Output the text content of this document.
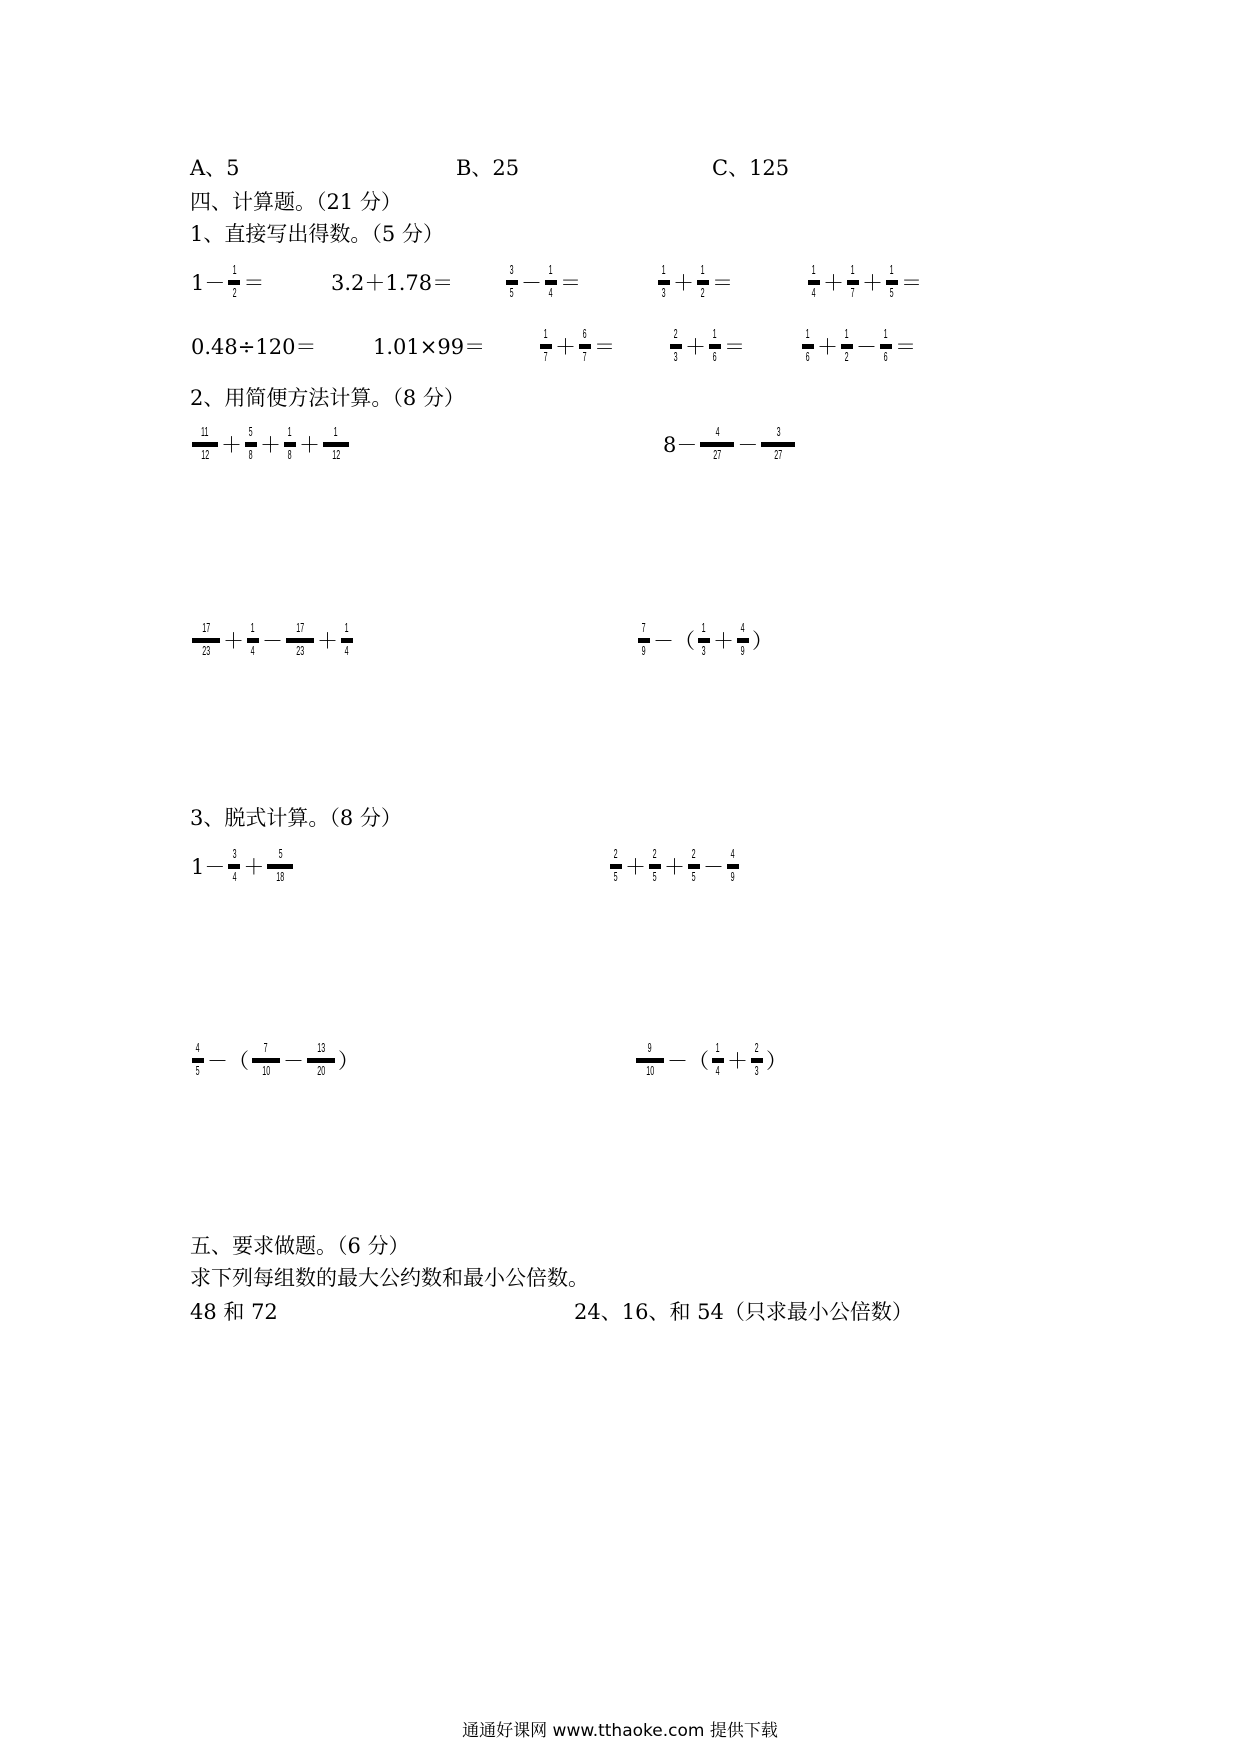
A、5	B、25	C、125
四、计算题。（21 分）
1、直接写出得数。（5 分）
1－
1
2 ＝	3.2＋1.78＝
3
5 －
1
4 ＝
1
3 ＋
1
2 ＝
1
4 ＋
1
7 ＋
1
5 ＝
0.48÷120＝	1.01×99＝
1
7 ＋
6
7 ＝
2
3 ＋
1
6 ＝
1
6 ＋
1
2 －
1
6 ＝
2、用简便方法计算。（8 分）
11
12 ＋
5
8 ＋
1
8 ＋
1
12	8－
4
27 －
3
27
17
23 ＋
1
4 －
17
23 ＋
1
4
7
9 －（
1
3 ＋
4
9 ）
3、脱式计算。（8 分）
1－
3
4 ＋
5
18
2
5 ＋
2
5 ＋
2
5 －
4
9
4
5 －（
7
10 －
13
20 ）
9
10 －（
1
4 ＋
2
3 ）
五、要求做题。（6 分）
求下列每组数的最大公约数和最小公倍数。
48 和 72	24、16、和 54（只求最小公倍数）
通通好课网 www.tthaoke.com 提供下载
